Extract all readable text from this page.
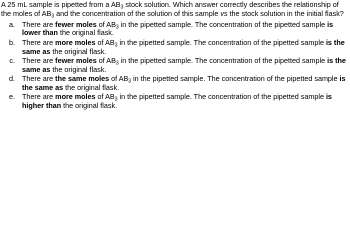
A 25 mL sample is pipetted from a $AB_3$ stock solution. Which answer correctly describes the relationship of the moles of $AB_3$ and the concentration of the solution of this sample vs the stock solution in the initial flask?
a. There are fewer moles of $AB_3$ in the pipetted sample. The concentration of the pipetted sample is lower than the original flask.
b. There are more moles of $AB_3$ in the pipetted sample. The concentration of the pipetted sample is the same as the original flask.
c. There are fewer moles of $AB_3$ in the pipetted sample. The concentration of the pipetted sample is the same as the original flask.
d. There are the same moles of $AB_3$ in the pipetted sample. The concentration of the pipetted sample is the same as the original flask.
e. There are more moles of $AB_3$ in the pipetted sample. The concentration of the pipetted sample is higher than the original flask.
